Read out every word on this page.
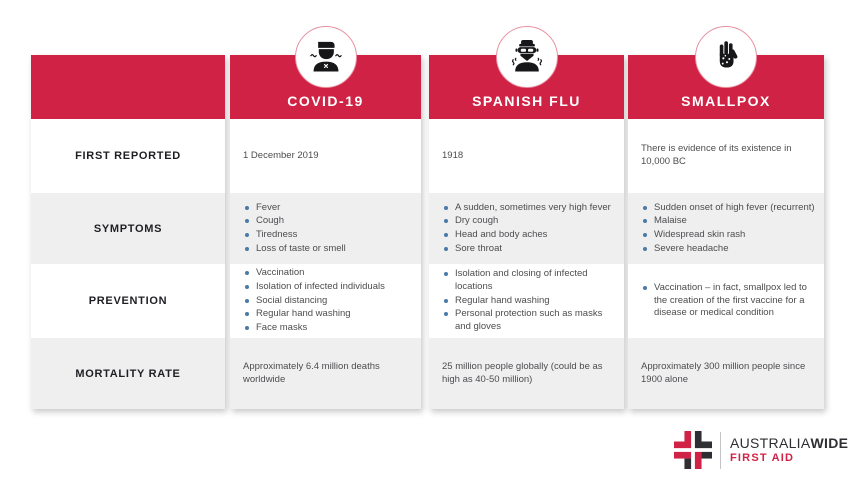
FIRST REPORTED
SYMPTOMS
PREVENTION
MORTALITY RATE
COVID-19

1 December 2019

Fever
Cough
Tiredness
Loss of taste or smell
Vaccination
Isolation of infected individuals
Social distancing
Regular hand washing
Face masks

Approximately 6.4 million deaths worldwide

SPANISH FLU

1918

A sudden, sometimes very high fever
Dry cough
Head and body aches
Sore throat
Isolation and closing of infected locations
Regular hand washing
Personal protection such as masks and gloves

25 million people globally (could be as high as 40-50 million)

SMALLPOX

There is evidence of its existence in 10,000 BC

Sudden onset of high fever (recurrent)
Malaise
Widespread skin rash
Severe headache
Vaccination – in fact, smallpox led to the creation of the first vaccine for a disease or medical condition

Approximately 300 million people since 1900 alone

AUSTRALIAWIDE
FIRST AID
